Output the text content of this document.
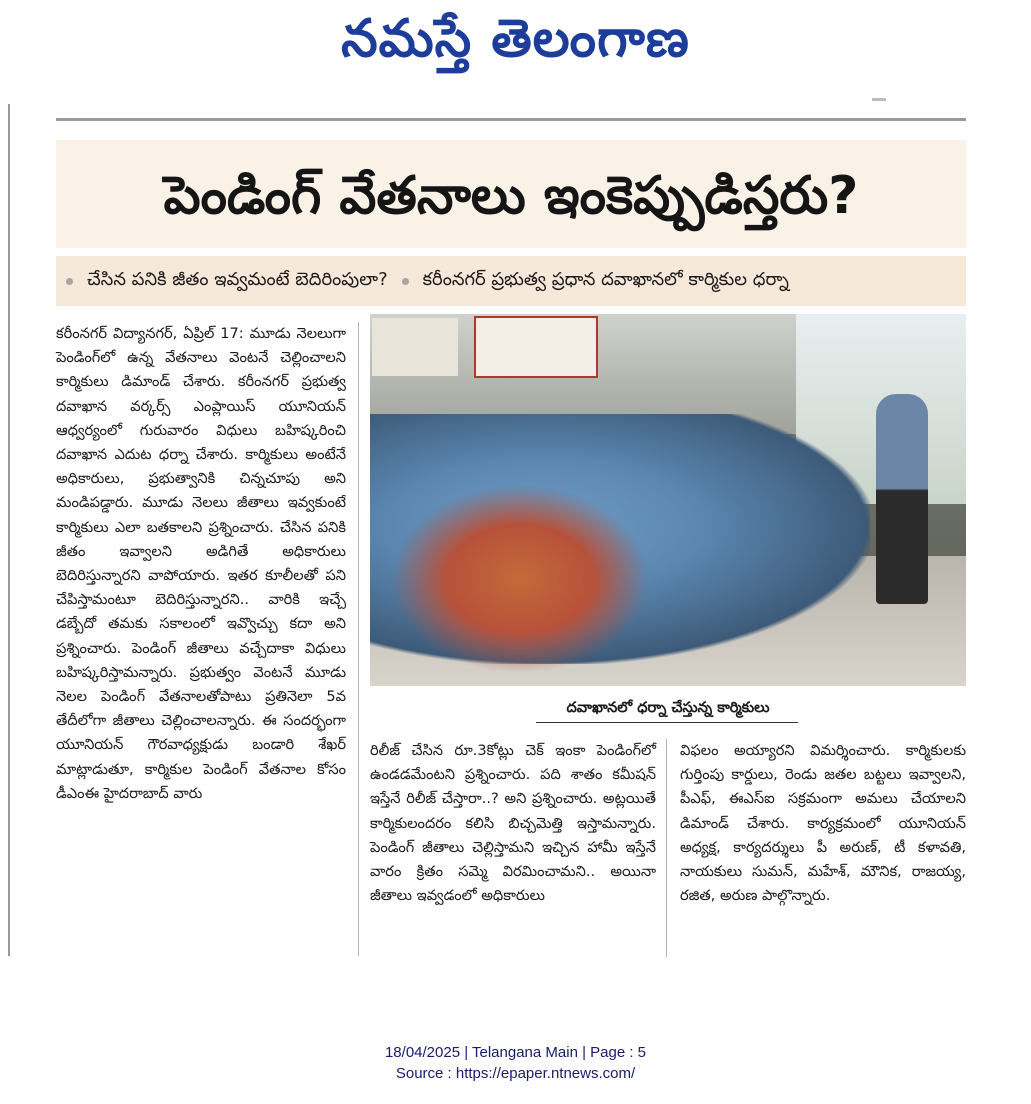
నమస్తే తెలంగాణ
పెండింగ్ వేతనాలు ఇంకెప్పుడిస్తరు?
చేసిన పనికి జీతం ఇవ్వమంటే బెదిరింపులా? కరీంనగర్ ప్రభుత్వ ప్రధాన దవాఖానలో కార్మికుల ధర్నా

కరీంనగర్ విద్యానగర్, ఏప్రిల్ 17: మూడు నెలలుగా పెండింగ్‌లో ఉన్న వేతనాలు వెంటనే చెల్లించాలని కార్మికులు డిమాండ్ చేశారు. కరీంనగర్ ప్రభుత్వ దవాఖాన వర్కర్స్ ఎంప్లాయిస్ యూనియన్ ఆధ్వర్యంలో గురువారం విధులు బహిష్కరించి దవాఖాన ఎదుట ధర్నా చేశారు. కార్మికులు అంటేనే అధికారులు, ప్రభుత్వానికి చిన్నచూపు అని మండిపడ్డారు. మూడు నెలలు జీతాలు ఇవ్వకుంటే కార్మికులు ఎలా బతకాలని ప్రశ్నించారు. చేసిన పనికి జీతం ఇవ్వాలని అడిగితే అధికారులు బెదిరిస్తున్నారని వాపోయారు. ఇతర కూలీలతో పని చేపిస్తామంటూ బెదిరిస్తున్నారని.. వారికి ఇచ్చే డబ్బేదో తమకు సకాలంలో ఇవ్వొచ్చు కదా అని ప్రశ్నించారు. పెండింగ్ జీతాలు వచ్చేదాకా విధులు బహిష్కరిస్తామన్నారు. ప్రభుత్వం వెంటనే మూడు నెలల పెండింగ్ వేతనాలతోపాటు ప్రతినెలా 5వ తేదీలోగా జీతాలు చెల్లించాలన్నారు. ఈ సందర్భంగా యూనియన్ గౌరవాధ్యక్షుడు బండారి శేఖర్ మాట్లాడుతూ, కార్మికుల పెండింగ్ వేతనాల కోసం డీఎంఈ హైదరాబాద్ వారు

దవాఖానలో ధర్నా చేస్తున్న కార్మికులు

రిలీజ్ చేసిన రూ.3కోట్లు చెక్ ఇంకా పెండింగ్‌లో ఉండడమేంటని ప్రశ్నించారు. పది శాతం కమీషన్ ఇస్తేనే రిలీజ్ చేస్తారా..? అని ప్రశ్నించారు. అట్లయితే కార్మికులందరం కలిసి బిచ్చమెత్తి ఇస్తామన్నారు. పెండింగ్ జీతాలు చెల్లిస్తామని ఇచ్చిన హామీ ఇస్తేనే వారం క్రితం సమ్మె విరమించామని.. అయినా జీతాలు ఇవ్వడంలో అధికారులు

విఫలం అయ్యారని విమర్శించారు. కార్మికులకు గుర్తింపు కార్డులు, రెండు జతల బట్టలు ఇవ్వాలని, పీఎఫ్, ఈఎస్ఐ సక్రమంగా అమలు చేయాలని డిమాండ్ చేశారు. కార్యక్రమంలో యూనియన్ అధ్యక్ష, కార్యదర్శులు పీ అరుణ్, టీ కళావతి, నాయకులు సుమన్, మహేశ్, మౌనిక, రాజయ్య, రజిత, అరుణ పాల్గొన్నారు.

18/04/2025 | Telangana Main | Page : 5
Source : https://epaper.ntnews.com/
